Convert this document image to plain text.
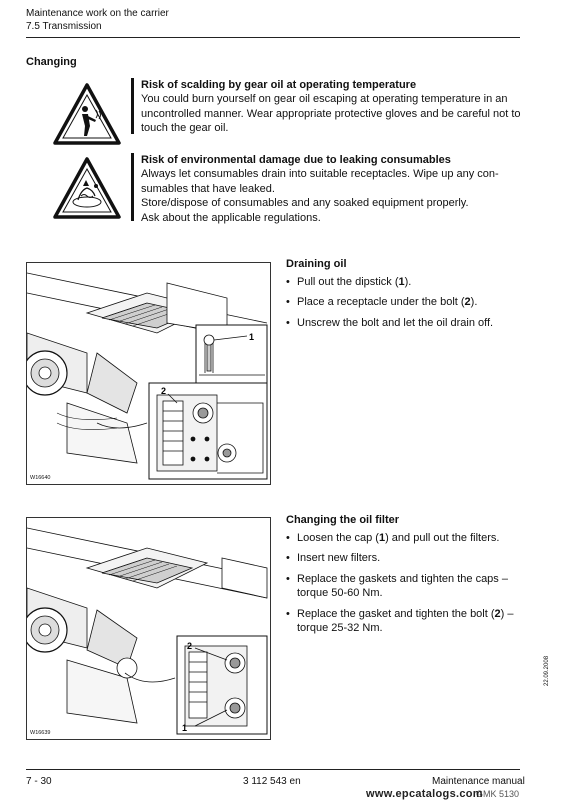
Maintenance work on the carrier
7.5 Transmission
Changing
Risk of scalding by gear oil at operating temperature
You could burn yourself on gear oil escaping at operating temperature in an uncontrolled manner. Wear appropriate protective gloves and be careful not to touch the gear oil.
Risk of environmental damage due to leaking consumables
Always let consumables drain into suitable receptacles. Wipe up any con-
sumables that have leaked.
Store/dispose of consumables and any soaked equipment properly.
Ask about the applicable regulations.
1
2
W16640
Draining oil
• Pull out the dipstick (1).
• Place a receptacle under the bolt (2).
• Unscrew the bolt and let the oil drain off.
2
1
W16639
Changing the oil filter
• Loosen the cap (1) and pull out the filters.
• Insert new filters.
• Replace the gaskets and tighten the caps – torque 50-60 Nm.
• Replace the gasket and tighten the bolt (2) – torque 25-32 Nm.
22.09.2008
7 - 30	3 112 543 en	Maintenance manual
GMK 5130
www.epcatalogs.com
